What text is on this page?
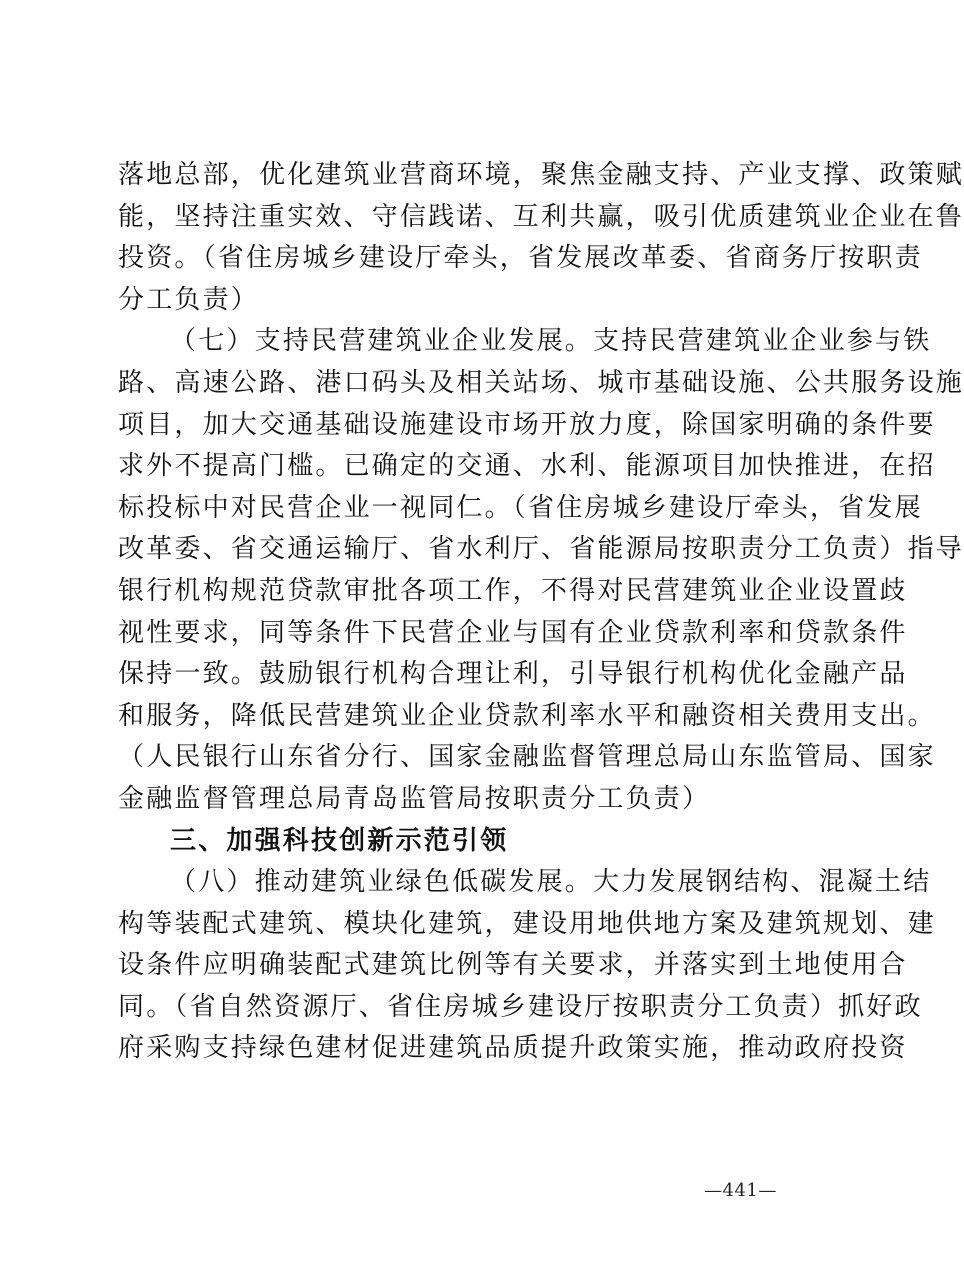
落地总部，优化建筑业营商环境，聚焦金融支持、产业支撑、政策赋
能，坚持注重实效、守信践诺、互利共赢，吸引优质建筑业企业在鲁
投资。（省住房城乡建设厅牵头，省发展改革委、省商务厅按职责
分工负责）
（七）支持民营建筑业企业发展。支持民营建筑业企业参与铁
路、高速公路、港口码头及相关站场、城市基础设施、公共服务设施
项目，加大交通基础设施建设市场开放力度，除国家明确的条件要
求外不提高门槛。已确定的交通、水利、能源项目加快推进，在招
标投标中对民营企业一视同仁。（省住房城乡建设厅牵头，省发展
改革委、省交通运输厅、省水利厅、省能源局按职责分工负责）指导
银行机构规范贷款审批各项工作，不得对民营建筑业企业设置歧
视性要求，同等条件下民营企业与国有企业贷款利率和贷款条件
保持一致。鼓励银行机构合理让利，引导银行机构优化金融产品
和服务，降低民营建筑业企业贷款利率水平和融资相关费用支出。
（人民银行山东省分行、国家金融监督管理总局山东监管局、国家
金融监督管理总局青岛监管局按职责分工负责）
三、加强科技创新示范引领
（八）推动建筑业绿色低碳发展。大力发展钢结构、混凝土结
构等装配式建筑、模块化建筑，建设用地供地方案及建筑规划、建
设条件应明确装配式建筑比例等有关要求，并落实到土地使用合
同。（省自然资源厅、省住房城乡建设厅按职责分工负责）抓好政
府采购支持绿色建材促进建筑品质提升政策实施，推动政府投资
—441—
